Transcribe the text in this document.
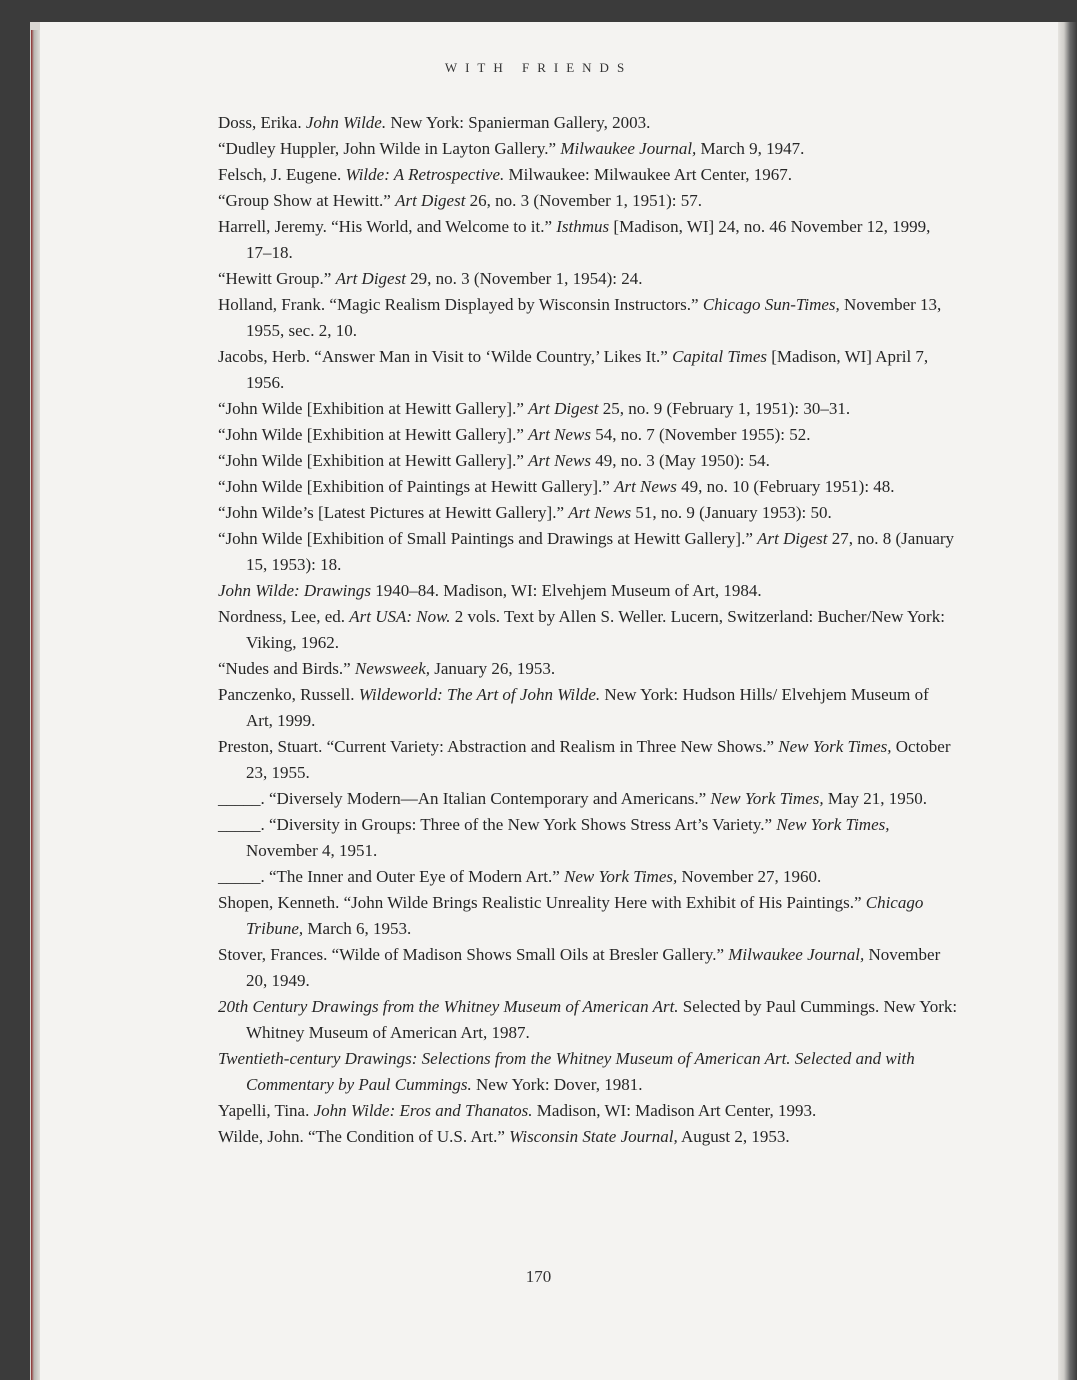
WITH FRIENDS
Doss, Erika. John Wilde. New York: Spanierman Gallery, 2003.
“Dudley Huppler, John Wilde in Layton Gallery.” Milwaukee Journal, March 9, 1947.
Felsch, J. Eugene. Wilde: A Retrospective. Milwaukee: Milwaukee Art Center, 1967.
“Group Show at Hewitt.” Art Digest 26, no. 3 (November 1, 1951): 57.
Harrell, Jeremy. “His World, and Welcome to it.” Isthmus [Madison, WI] 24, no. 46 November 12, 1999, 17–18.
“Hewitt Group.” Art Digest 29, no. 3 (November 1, 1954): 24.
Holland, Frank. “Magic Realism Displayed by Wisconsin Instructors.” Chicago Sun-Times, November 13, 1955, sec. 2, 10.
Jacobs, Herb. “Answer Man in Visit to ‘Wilde Country,’ Likes It.” Capital Times [Madison, WI] April 7, 1956.
“John Wilde [Exhibition at Hewitt Gallery].” Art Digest 25, no. 9 (February 1, 1951): 30–31.
“John Wilde [Exhibition at Hewitt Gallery].” Art News 54, no. 7 (November 1955): 52.
“John Wilde [Exhibition at Hewitt Gallery].” Art News 49, no. 3 (May 1950): 54.
“John Wilde [Exhibition of Paintings at Hewitt Gallery].” Art News 49, no. 10 (February 1951): 48.
“John Wilde’s [Latest Pictures at Hewitt Gallery].” Art News 51, no. 9 (January 1953): 50.
“John Wilde [Exhibition of Small Paintings and Drawings at Hewitt Gallery].” Art Digest 27, no. 8 (January 15, 1953): 18.
John Wilde: Drawings 1940–84. Madison, WI: Elvehjem Museum of Art, 1984.
Nordness, Lee, ed. Art USA: Now. 2 vols. Text by Allen S. Weller. Lucern, Switzerland: Bucher/New York: Viking, 1962.
“Nudes and Birds.” Newsweek, January 26, 1953.
Panczenko, Russell. Wildeworld: The Art of John Wilde. New York: Hudson Hills/ Elvehjem Museum of Art, 1999.
Preston, Stuart. “Current Variety: Abstraction and Realism in Three New Shows.” New York Times, October 23, 1955.
_____. “Diversely Modern—An Italian Contemporary and Americans.” New York Times, May 21, 1950.
_____. “Diversity in Groups: Three of the New York Shows Stress Art’s Variety.” New York Times, November 4, 1951.
_____. “The Inner and Outer Eye of Modern Art.” New York Times, November 27, 1960.
Shopen, Kenneth. “John Wilde Brings Realistic Unreality Here with Exhibit of His Paintings.” Chicago Tribune, March 6, 1953.
Stover, Frances. “Wilde of Madison Shows Small Oils at Bresler Gallery.” Milwaukee Journal, November 20, 1949.
20th Century Drawings from the Whitney Museum of American Art. Selected by Paul Cummings. New York: Whitney Museum of American Art, 1987.
Twentieth-century Drawings: Selections from the Whitney Museum of American Art. Selected and with Commentary by Paul Cummings. New York: Dover, 1981.
Yapelli, Tina. John Wilde: Eros and Thanatos. Madison, WI: Madison Art Center, 1993.
Wilde, John. “The Condition of U.S. Art.” Wisconsin State Journal, August 2, 1953.
170
